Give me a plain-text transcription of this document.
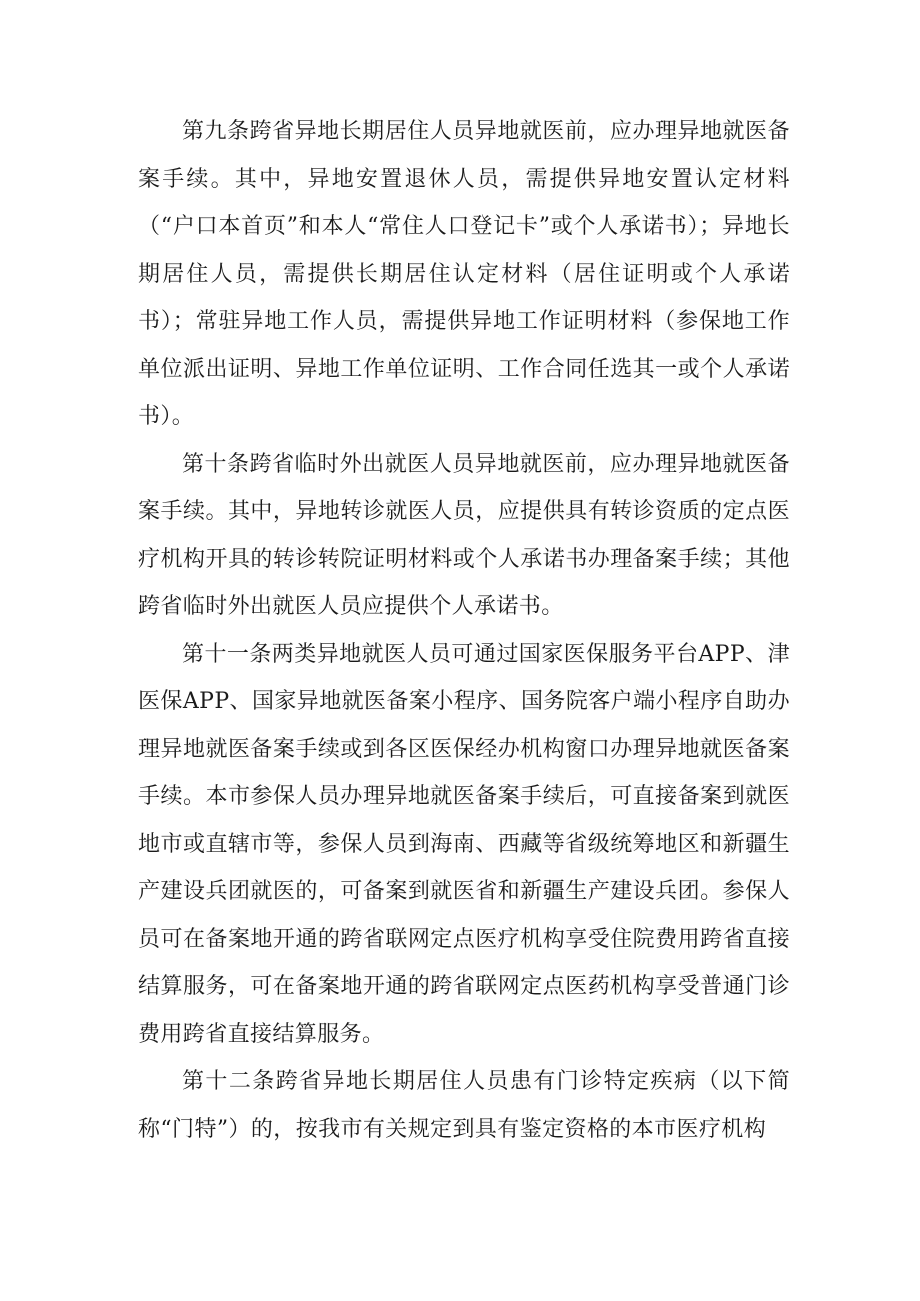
第九条跨省异地长期居住人员异地就医前，应办理异地就医备案手续。其中，异地安置退休人员，需提供异地安置认定材料（“户口本首页”和本人“常住人口登记卡”或个人承诺书）；异地长期居住人员，需提供长期居住认定材料（居住证明或个人承诺书）；常驻异地工作人员，需提供异地工作证明材料（参保地工作单位派出证明、异地工作单位证明、工作合同任选其一或个人承诺书）。

第十条跨省临时外出就医人员异地就医前，应办理异地就医备案手续。其中，异地转诊就医人员，应提供具有转诊资质的定点医疗机构开具的转诊转院证明材料或个人承诺书办理备案手续；其他跨省临时外出就医人员应提供个人承诺书。

第十一条两类异地就医人员可通过国家医保服务平台APP、津医保APP、国家异地就医备案小程序、国务院客户端小程序自助办理异地就医备案手续或到各区医保经办机构窗口办理异地就医备案手续。本市参保人员办理异地就医备案手续后，可直接备案到就医地市或直辖市等，参保人员到海南、西藏等省级统筹地区和新疆生产建设兵团就医的，可备案到就医省和新疆生产建设兵团。参保人员可在备案地开通的跨省联网定点医疗机构享受住院费用跨省直接结算服务，可在备案地开通的跨省联网定点医药机构享受普通门诊费用跨省直接结算服务。

第十二条跨省异地长期居住人员患有门诊特定疾病（以下简称“门特”）的，按我市有关规定到具有鉴定资格的本市医疗机构
